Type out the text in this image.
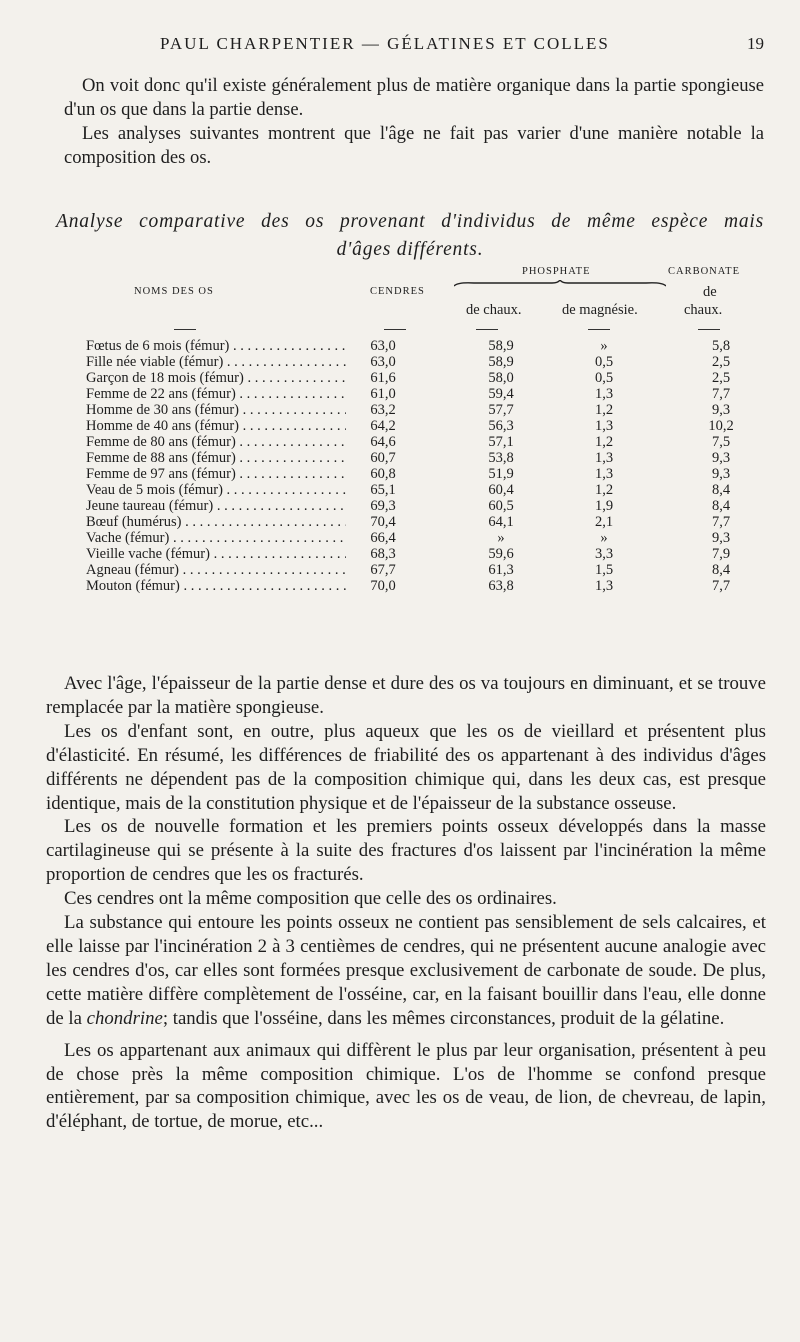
PAUL CHARPENTIER — GÉLATINES ET COLLES	19

On voit donc qu'il existe généralement plus de matière organique dans la partie spongieuse d'un os que dans la partie dense.

Les analyses suivantes montrent que l'âge ne fait pas varier d'une manière notable la composition des os.

Analyse comparative des os provenant d'individus de même espèce mais
d'âges différents.
NOMS DES OS	CENDRES
PHOSPHATE	CARBONATE
de
de chaux.	de magnésie.	chaux.
Fœtus de 6 mois (fémur) . . .	63,0	58,9	»	5,8
Fille née viable (fémur) . . .	63,0	58,9	0,5	2,5
Garçon de 18 mois (fémur) . . .	61,6	58,0	0,5	2,5
Femme de 22 ans (fémur) . . .	61,0	59,4	1,3	7,7
Homme de 30 ans (fémur) . . .	63,2	57,7	1,2	9,3
Homme de 40 ans (fémur) . . .	64,2	56,3	1,3	10,2
Femme de 80 ans (fémur) . . .	64,6	57,1	1,2	7,5
Femme de 88 ans (fémur) . . .	60,7	53,8	1,3	9,3
Femme de 97 ans (fémur) . . .	60,8	51,9	1,3	9,3
Veau de 5 mois (fémur) . . .	65,1	60,4	1,2	8,4
Jeune taureau (fémur) . . .	69,3	60,5	1,9	8,4
Bœuf (humérus) . . .	70,4	64,1	2,1	7,7
Vache (fémur) . . .	66,4	»	»	9,3
Vieille vache (fémur) . . .	68,3	59,6	3,3	7,9
Agneau (fémur) . . .	67,7	61,3	1,5	8,4
Mouton (fémur) . . .	70,0	63,8	1,3	7,7

Avec l'âge, l'épaisseur de la partie dense et dure des os va toujours en diminuant, et se trouve remplacée par la matière spongieuse.

Les os d'enfant sont, en outre, plus aqueux que les os de vieillard et présentent plus d'élasticité. En résumé, les différences de friabilité des os appartenant à des individus d'âges différents ne dépendent pas de la composition chimique qui, dans les deux cas, est presque identique, mais de la constitution physique et de l'épaisseur de la substance osseuse.

Les os de nouvelle formation et les premiers points osseux développés dans la masse cartilagineuse qui se présente à la suite des fractures d'os laissent par l'incinération la même proportion de cendres que les os fracturés.

Ces cendres ont la même composition que celle des os ordinaires.

La substance qui entoure les points osseux ne contient pas sensiblement de sels calcaires, et elle laisse par l'incinération 2 à 3 centièmes de cendres, qui ne présentent aucune analogie avec les cendres d'os, car elles sont formées presque exclusivement de carbonate de soude. De plus, cette matière diffère complètement de l'osséine, car, en la faisant bouillir dans l'eau, elle donne de la chondrine; tandis que l'osséine, dans les mêmes circonstances, produit de la gélatine.

Les os appartenant aux animaux qui diffèrent le plus par leur organisation, présentent à peu de chose près la même composition chimique. L'os de l'homme se confond presque entièrement, par sa composition chimique, avec les os de veau, de lion, de chevreau, de lapin, d'éléphant, de tortue, de morue, etc...
